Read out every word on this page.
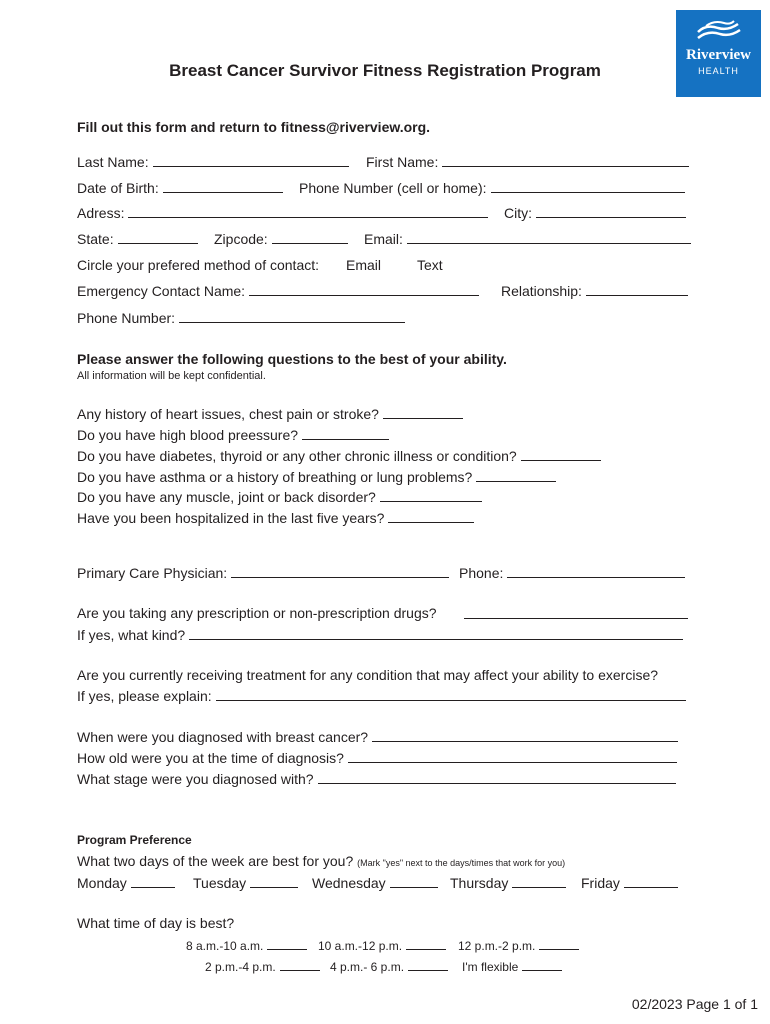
Riverview
HEALTH
Breast Cancer Survivor Fitness Registration Program
Fill out this form and return to fitness@riverview.org.
Last Name:	First Name:
Date of Birth:	Phone Number (cell or home):
Adress:	City:
State:	Zipcode:	Email:
Circle your prefered method of contact: Email	Text
Emergency Contact Name:	Relationship:
Phone Number:
Please answer the following questions to the best of your ability.
All information will be kept confidential.
Any history of heart issues, chest pain or stroke?
Do you have high blood preessure?
Do you have diabetes, thyroid or any other chronic illness or condition?
Do you have asthma or a history of breathing or lung problems?
Do you have any muscle, joint or back disorder?
Have you been hospitalized in the last five years?
Primary Care Physician:	Phone:
Are you taking any prescription or non-prescription drugs?
If yes, what kind?
Are you currently receiving treatment for any condition that may affect your ability to exercise?
If yes, please explain:
When were you diagnosed with breast cancer?
How old were you at the time of diagnosis?
What stage were you diagnosed with?
Program Preference
What two days of the week are best for you? (Mark "yes" next to the days/times that work for you)
Monday	Tuesday	Wednesday	Thursday	Friday
What time of day is best?
8 a.m.-10 a.m.	10 a.m.-12 p.m.	12 p.m.-2 p.m.
2 p.m.-4 p.m.	4 p.m.- 6 p.m.	I'm flexible
02/2023 Page 1 of 1
